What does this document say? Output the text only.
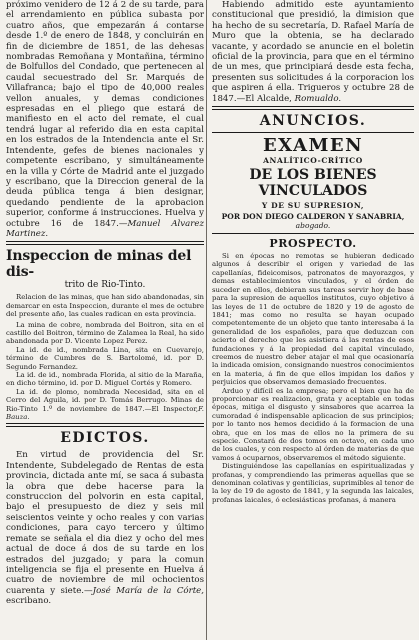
próximo venidero de 12 á 2 de su tarde, para el arrendamiento en pública subasta por cuatro años, que empezarán á contarse desde 1.º de enero de 1848, y concluirán en fin de diciembre de 1851, de las dehesas nombradas Remoñana y Montañina, término de Bolfullos del Condado, que pertenecen al caudal secuestrado del Sr. Marqués de Villafranca; bajo el tipo de 40,000 reales vellon anuales, y demas condiciones espresadas en el pliego que estará de manifiesto en el acto del remate, el cual tendrá lugar al referido dia en esta capital en los estrados de la Intendencia ante el Sr. Intendente, gefes de bienes nacionales y competente escribano, y simultáneamente en la villa y Córte de Madrid ante el juzgado y escribano, que la Direccion general de la deuda pública tenga á bien designar, quedando pendiente de la aprobacion superior, conforme á instrucciones. Huelva y octubre 16 de 1847.—Manuel Alvarez Martinez.

Inspeccion de minas del dis-
trito de Rio-Tinto.

Relacion de las minas, que han sido abandonadas, sin demarcar en esta Inspeccion, durante el mes de octubre del presente año, las cuales radican en esta provincia.

La mina de cobre, nombrada del Boitron, sita en el castillo del Boitron, término de Zalamea la Real, ha sido abandonada por D. Vicente Lopez Perez.

La id. de id., nombrada Lina, sita en Cuevarejo, término de Cumbres de S. Bartolomé, id. por D. Segundo Fernandez.

La id. de id., nombrada Florida, al sitio de la Maraña, en dicho término, id. por D. Miguel Cortés y Romero.

La id. de plomo, nombrada Necesidad, sita en el Cerro del Aguila, id. por D. Tomás Berrugo. Minas de Rio-Tinto 1.º de noviembre de 1847.—El Inspector,F. Bauza.

EDICTOS.

En virtud de providencia del Sr. Intendente, Subdelegado de Rentas de esta provincia, dictada ante mí, se saca á subasta la obra que debe hacerse para la construccion del polvorin en esta capital, bajo el presupuesto de diez y seis mil seiscientos veinte y ocho reales y con varias condiciones, para cayo tercero y último remate se señala el dia diez y ocho del mes actual de doce á dos de su tarde en los estrados del juzgado; y para la comun inteligencia se fija el presente en Huelva á cuatro de noviembre de mil ochocientos cuarenta y siete.—José María de la Córte, escribano.

Habiendo admitido este ayuntamiento constitucional que presidió, la dimision que ha hecho de su secretaría, D. Rafael María de Muro que la obtenia, se ha declarado vacante, y acordado se anuncie en el boletin oficial de la provincia, para que en el término de un mes, que principiará desde esta fecha, presenten sus solicitudes á la corporacion los que aspiren á ella. Trigueros y octubre 28 de 1847.—El Alcalde, Romualdo.

ANUNCIOS.
EXAMEN
ANALÍTICO-CRÍTICO
DE LOS BIENES VINCULADOS
Y DE SU SUPRESION,
POR DON DIEGO CALDERON Y SANABRIA,
abogado.
PROSPECTO.

Si en épocas no remotas se hubieran dedicado algunos á describir el origen y variedad de las capellanías, fideicomisos, patronatos de mayorazgos, y demas establecimientos vinculados, y el órden de suceder en ellos, debieran sus tareas servir hoy de base para la supresion de aquellos institutos, cuyo objetivo á las leyes de 11 de octubre de 1820 y 19 de agosto de 1841; mas como no resulta se hayan ocupado competentemente de un objeto que tanto interesaba á la generalidad de los españoles, para que deduzcan con acierto el derecho que les asistiera á las rentas de esos fundaciones y á la propiedad del capital vinculado, creemos de nuestro deber atajar el mal que ocasionaría la indicada omision, consignando nuestros conocimientos en la materia, á fin de que ellos impidan los daños y perjuicios que observamos demasiado frecuentes.

Arduo y difícil es la empresa; pero el bien que ha de proporcionar es realizacion, grata y aceptable en todas épocas, mitiga el disgusto y sinsabores que acarrea la cumoradad é indispensable aplicacion de sus principios; por lo tanto nos hemos decidido á la formacion de una obra, que en los mas de ellos no la primera de su especie. Constará de dos tomos en octavo, en cada uno de los cuales, y con respecto al órden de materias de que vamos á ocuparnos, observaremos el método siguiente.

Distinguiéndose las capellanías en espiritualizadas y profanas, y comprendiendo las primeras aquellas que se denominan colativas y gentilicias, suprimibles al tenor de la ley de 19 de agosto de 1841, y la segunda las laicales, profanas laicales, ó eclesiásticas profanas, á manera
